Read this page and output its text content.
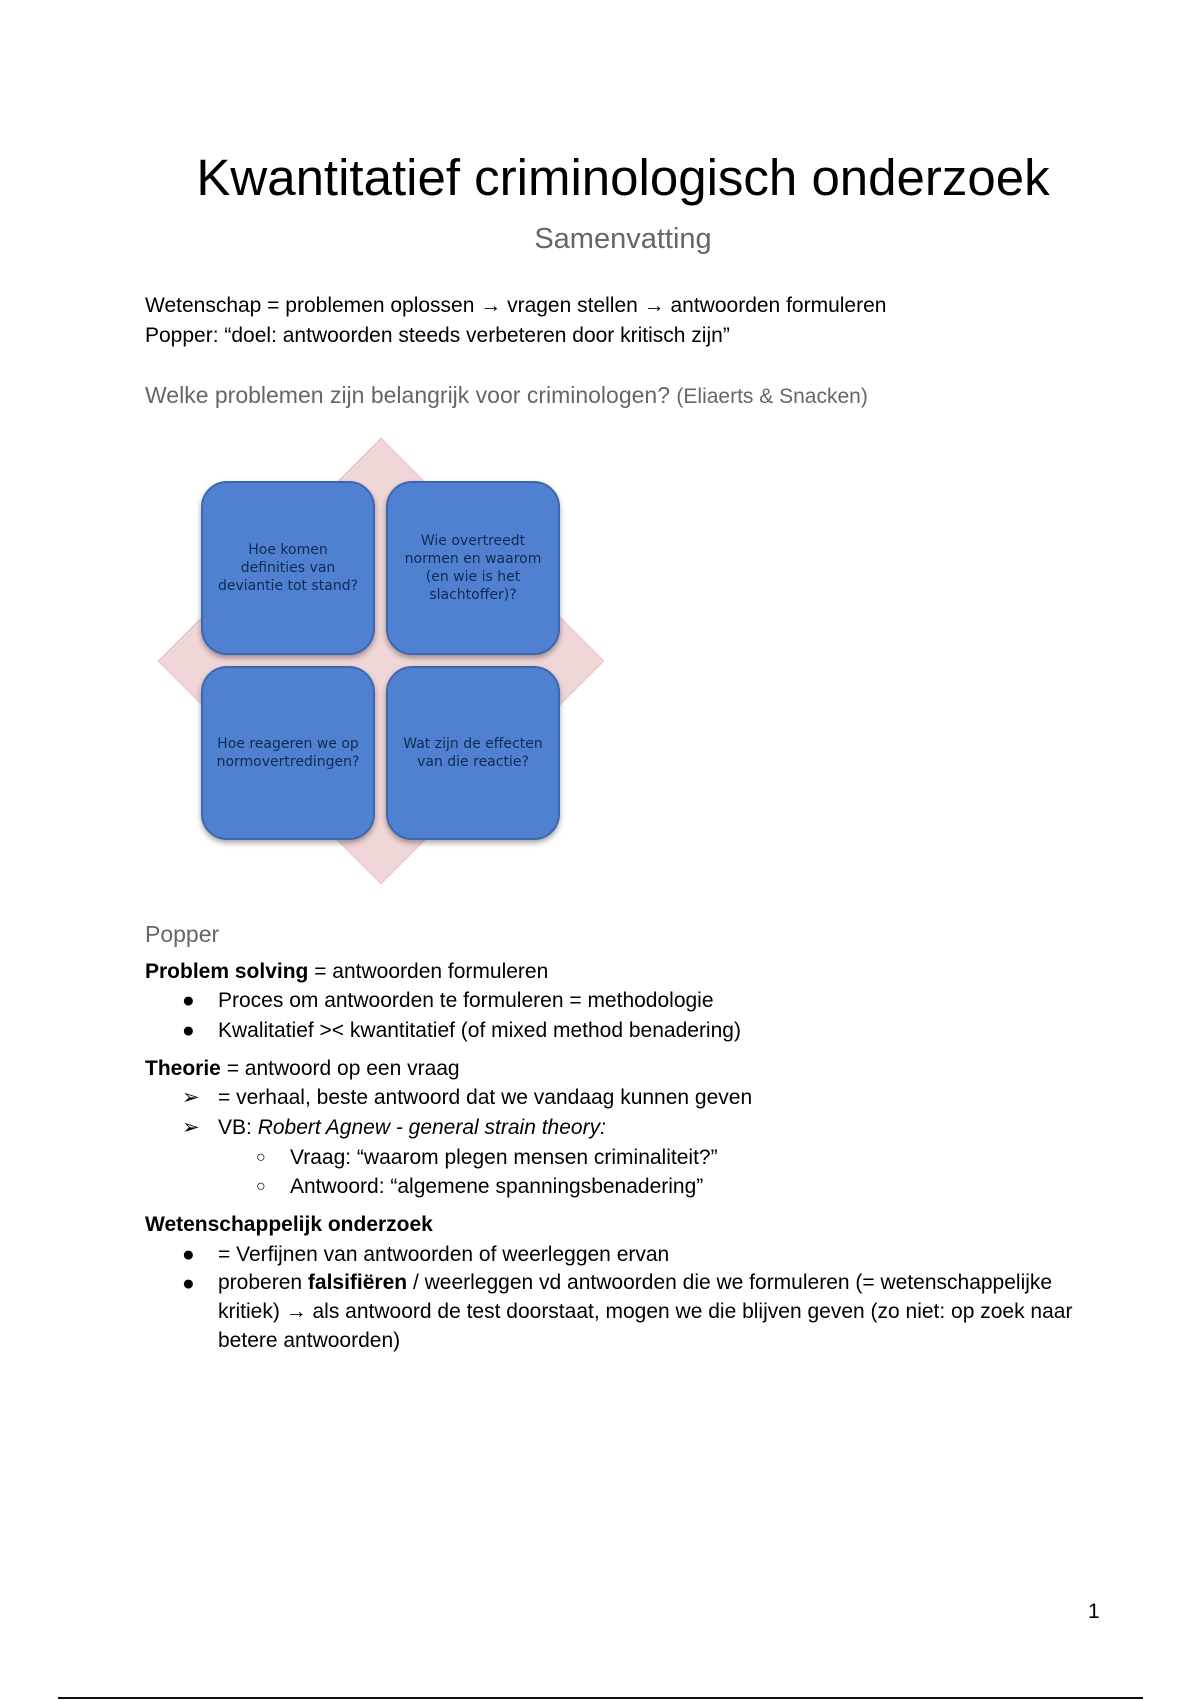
Kwantitatief criminologisch onderzoek
Samenvatting
Wetenschap = problemen oplossen → vragen stellen → antwoorden formuleren
Popper: “doel: antwoorden steeds verbeteren door kritisch zijn”
Welke problemen zijn belangrijk voor criminologen? (Eliaerts & Snacken)
Hoe komen definities van deviantie tot stand?
Wie overtreedt normen en waarom (en wie is het slachtoffer)?
Hoe reageren we op normovertredingen?
Wat zijn de effecten van die reactie?
Popper
Problem solving = antwoorden formuleren
● Proces om antwoorden te formuleren = methodologie
● Kwalitatief >< kwantitatief (of mixed method benadering)
Theorie = antwoord op een vraag
➢ = verhaal, beste antwoord dat we vandaag kunnen geven
➢ VB: Robert Agnew - general strain theory:
○ Vraag: “waarom plegen mensen criminaliteit?”
○ Antwoord: “algemene spanningsbenadering”
Wetenschappelijk onderzoek
● = Verfijnen van antwoorden of weerleggen ervan
● proberen falsifiëren / weerleggen vd antwoorden die we formuleren (= wetenschappelijke kritiek) → als antwoord de test doorstaat, mogen we die blijven geven (zo niet: op zoek naar betere antwoorden)
1
